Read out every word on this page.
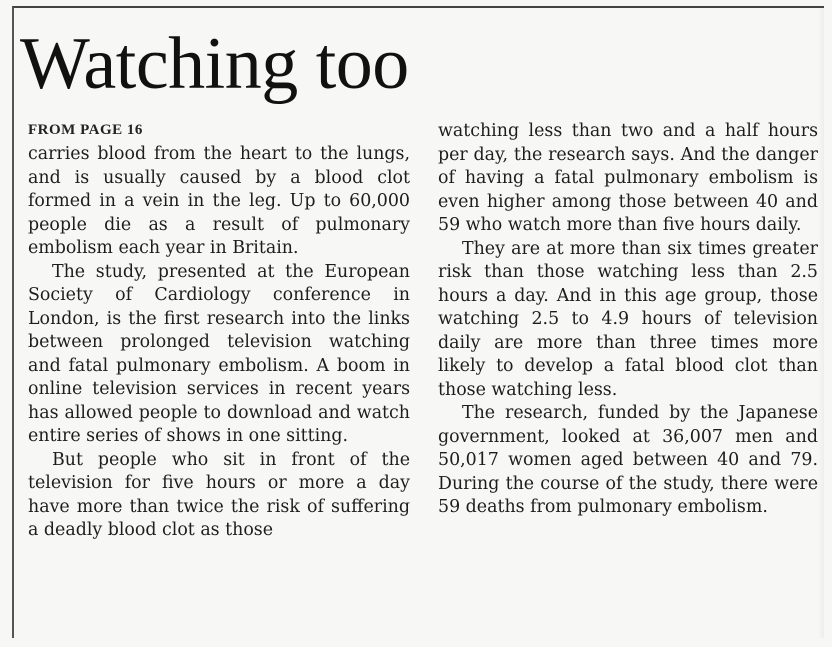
Watching too
FROM PAGE 16

carries blood from the heart to the lungs, and is usually caused by a blood clot formed in a vein in the leg. Up to 60,000 people die as a result of pulmonary embolism each year in Britain.

The study, presented at the European Society of Cardiology conference in London, is the first research into the links between prolonged television watching and fatal pulmonary embolism. A boom in online television services in recent years has allowed people to download and watch entire series of shows in one sitting.

But people who sit in front of the television for five hours or more a day have more than twice the risk of suffering a deadly blood clot as those

watching less than two and a half hours per day, the research says. And the danger of having a fatal pulmonary embolism is even higher among those between 40 and 59 who watch more than five hours daily.

They are at more than six times greater risk than those watching less than 2.5 hours a day. And in this age group, those watching 2.5 to 4.9 hours of television daily are more than three times more likely to develop a fatal blood clot than those watching less.

The research, funded by the Japanese government, looked at 36,007 men and 50,017 women aged between 40 and 79. During the course of the study, there were 59 deaths from pulmonary embolism.
